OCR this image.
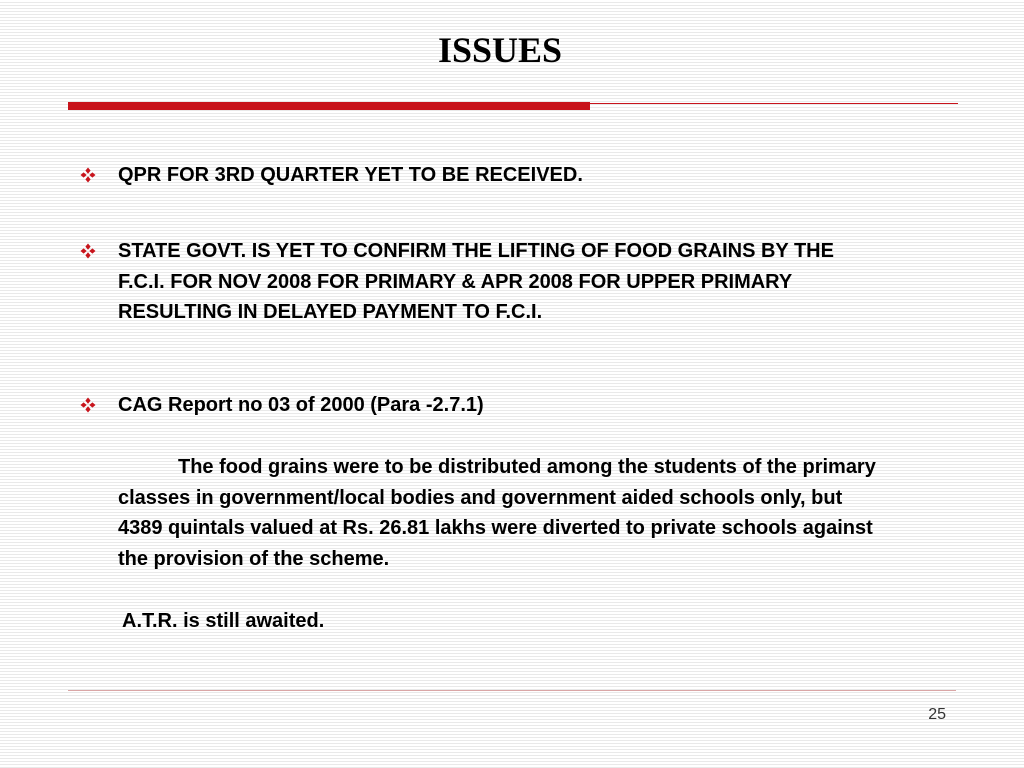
ISSUES
QPR FOR 3RD QUARTER YET TO BE RECEIVED.
STATE GOVT. IS YET TO CONFIRM THE LIFTING OF FOOD GRAINS BY THE F.C.I. FOR NOV 2008 FOR PRIMARY & APR 2008 FOR UPPER PRIMARY RESULTING IN DELAYED PAYMENT TO F.C.I.
CAG Report no 03 of 2000 (Para -2.7.1)

The food grains were to be distributed among the students of the primary classes in government/local bodies and government aided schools only, but 4389 quintals valued at Rs. 26.81 lakhs were diverted to private schools against the provision of the scheme.

A.T.R. is still awaited.
25
